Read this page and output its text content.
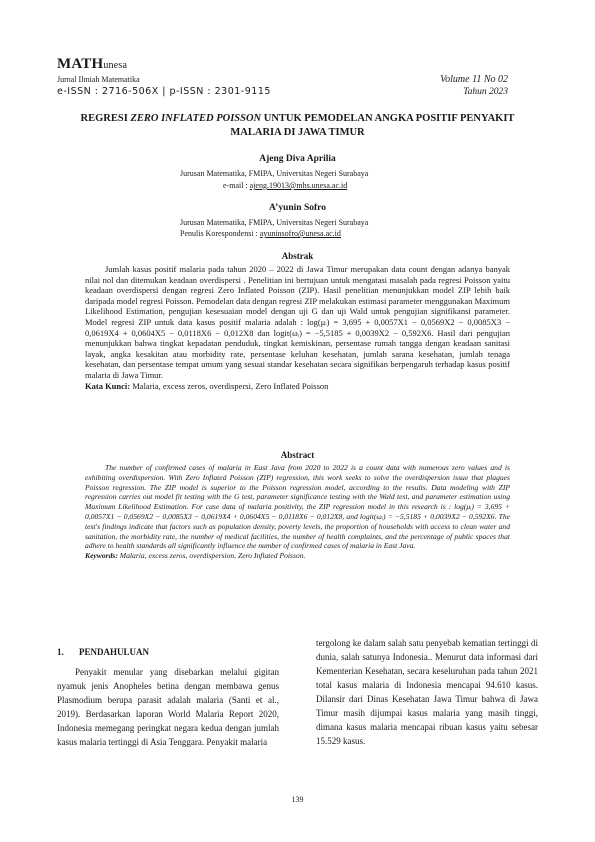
MATHunesa
Jurnal Ilmiah Matematika
e-ISSN : 2716-506X | p-ISSN : 2301-9115
Volume 11 No 02
Tahun 2023
REGRESI ZERO INFLATED POISSON UNTUK PEMODELAN ANGKA POSITIF PENYAKIT MALARIA DI JAWA TIMUR
Ajeng Diva Aprilia
Jurusan Matematika, FMIPA, Universitas Negeri Surabaya
e-mail : ajeng.19013@mhs.unesa.ac.id
A’yunin Sofro
Jurusan Matematika, FMIPA, Universitas Negeri Surabaya
Penulis Korespondensi : ayuninsofro@unesa.ac.id
Abstrak

Jumlah kasus positif malaria pada tahun 2020 – 2022 di Jawa Timur merupakan data count dengan adanya banyak nilai nol dan ditemukan keadaan overdispersi . Penelitian ini bertujuan untuk mengatasi masalah pada regresi Poisson yaitu keadaan overdispersi dengan regresi Zero Inflated Poisson (ZIP). Hasil penelitian menunjukkan model ZIP lebih baik daripada model regresi Poisson. Pemodelan data dengan regresi ZIP melakukan estimasi parameter menggunakan Maximum Likelihood Estimation, pengujian kesesuaian model dengan uji G dan uji Wald untuk pengujian signifikansi parameter. Model regresi ZIP untuk data kasus positif malaria adalah : log(μᵢ) = 3,695 + 0,0057X1 − 0,0569X2 − 0,0085X3 − 0,0619X4 + 0,0604X5 − 0,0118X6 − 0,012X8 dan logit(ωᵢ) = −5,5185 + 0,0039X2 − 0,592X6. Hasil dari pengujian menunjukkan bahwa tingkat kepadatan penduduk, tingkat kemiskinan, persentase rumah tangga dengan keadaan sanitasi layak, angka kesakitan atau morbidity rate, persentase keluhan kesehatan, jumlah sarana kesehatan, jumlah tenaga kesehatan, dan persentase tempat umum yang sesuai standar kesehatan secara signifikan berpengaruh terhadap kasus positif malaria di Jawa Timur.

Kata Kunci: Malaria, excess zeros, overdispersi, Zero Inflated Poisson
Abstract

The number of confirmed cases of malaria in East Java from 2020 to 2022 is a count data with numerous zero values and is exhibiting overdispersion. With Zero Inflated Poisson (ZIP) regression, this work seeks to solve the overdispersion issue that plagues Poisson regression. The ZIP model is superior to the Poisson regression model, according to the results. Data modeling with ZIP regression carries out model fit testing with the G test, parameter significance testing with the Wald test, and parameter estimation using Maximum Likelihood Estimation. For case data of malaria positivity, the ZIP regression model in this research is : log(μᵢ) = 3,695 + 0,0057X1 − 0,0569X2 − 0,0085X3 − 0,0619X4 + 0,0604X5 − 0,0118X6 − 0,012X8, and logit(ωᵢ) = −5,5185 + 0,0039X2 − 0,592X6. The test's findings indicate that factors such as population density, poverty levels, the proportion of households with access to clean water and sanitation, the morbidity rate, the number of medical facilities, the number of health complaints, and the percentage of public spaces that adhere to health standards all significantly influence the number of confirmed cases of malaria in East Java.

Keywords: Malaria, excess zeros, overdispersion, Zero Inflated Poisson.
1. PENDAHULUAN

Penyakit menular yang disebarkan melalui gigitan nyamuk jenis Anopheles betina dengan membawa genus Plasmodium berupa parasit adalah malaria (Santi et al., 2019). Berdasarkan laporan World Malaria Report 2020, Indonesia memegang peringkat negara kedua dengan jumlah kasus malaria tertinggi di Asia Tenggara. Penyakit malaria

tergolong ke dalam salah satu penyebab kematian tertinggi di dunia, salah satunya Indonesia.. Menurut data informasi dari Kementerian Kesehatan, secara keseluruhan pada tahun 2021 total kasus malaria di Indonesia mencapai 94.610 kasus. Dilansir dari Dinas Kesehatan Jawa Timur bahwa di Jawa Timur masih dijumpai kasus malaria yang masih tinggi, dimana kasus malaria mencapai ribuan kasus yaitu sebesar 15.529 kasus.

139
